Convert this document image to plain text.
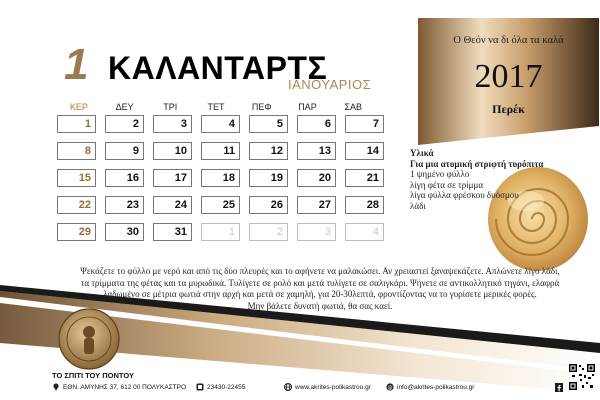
1 ΚΑΛΑΝΤΑΡΤΣ
ΙΑΝΟΥΑΡΙΟΣ
ΚΕΡ	ΔΕΥ	ΤΡΙ	ΤΕΤ	ΠΕΦ	ΠΑΡ	ΣΑΒ
1	2	3	4	5	6	7
8	9	10	11	12	13	14
15	16	17	18	19	20	21
22	23	24	25	26	27	28
29	30	31	1	2	3	4
Ο Θεόν να δι όλα τα καλά
2017
Περέκ
Υλικά
Για μια ατομική στριφτή τυρόπιτα
1 ψημένο φύλλο
λίγη φέτα σε τρίμμα
λίγα φύλλα φρέσκου δυόσμου
λάδι
Ψεκάζετε το φύλλο με νερό και από τις δύο πλευρές και το αφήνετε να μαλακώσει. Αν χρειαστεί ξαναψεκάζετε. Απλώνετε λίγο λάδι,
τα τρίμματα της φέτας και τα μυρωδικά. Τυλίγετε σε ρολό και μετά τυλίγετε σε σαλιγκάρι. Ψήνετε σε αντικολλητικό τηγάνι, ελαφρά
λαδωμένο σε μέτρια φωτιά στην αρχή και μετά σε χαμηλή, για 20-30λεπτά, φροντίζοντας να το γυρίσετε μερικές φορές.
Μην βάλετε δυνατή φωτιά, θα σας καεί.
ΤΟ ΣΠΙΤΙ ΤΟΥ ΠΟΝΤΟΥ
ΕΘΝ. ΑΜΥΝΗΣ 37, 612 00 ΠΟΛΥΚΑΣΤΡΟ	23430-22455	www.akrites-polikastrou.gr	@ info@akrites-polikastrou.gr
